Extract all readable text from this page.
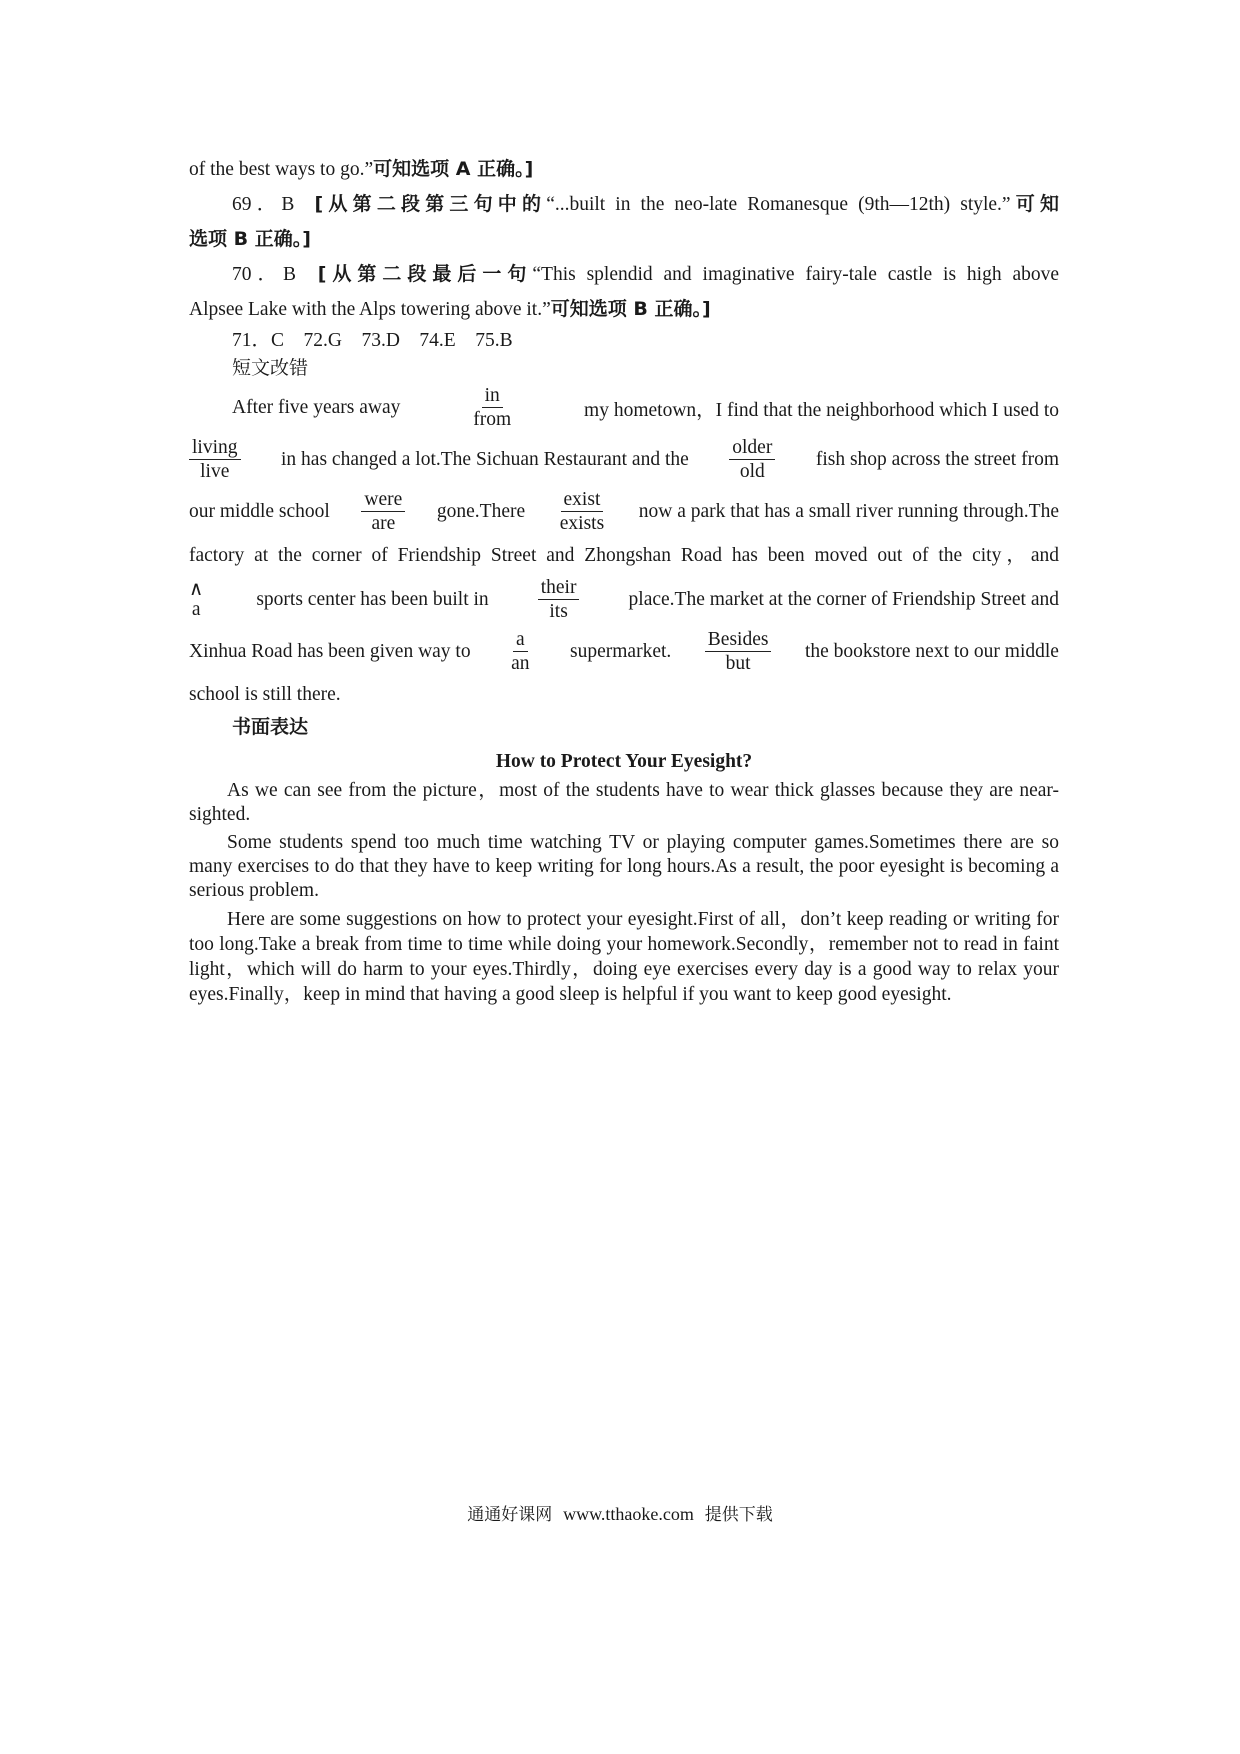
of the best ways to go.”可知选项 A 正确。]
69．B [从第二段第三句中的“...built in the neo-late Romanesque (9th—12th) style.”可知
选项 B 正确。]
70．B [从第二段最后一句“This splendid and imaginative fairy-tale castle is high above
Alpsee Lake with the Alps towering above it.”可知选项 B 正确。]
71．C    72.G    73.D    74.E    75.B
短文改错
After five years away	$\frac{in}{\text{from}}$	my hometown，I find that the neighborhood which I used to
$\frac{\text{living}}{\text{live}}$ in has changed a lot.The Sichuan Restaurant and the $\frac{\text{older}}{\text{old}}$ fish shop across the street from
our middle school $\frac{\text{were}}{\text{are}}$ gone.There $\frac{\text{exist}}{\text{exists}}$ now a park that has a small river running through.The
factory at the corner of Friendship Street and Zhongshan Road has been moved out of the city，and
∧
a	sports center has been built in	$\frac{\text{their}}{\text{its}}$	place.The market at the corner of Friendship Street and
Xinhua Road has been given way to $\frac{a}{an}$ supermarket. $\frac{\text{Besides}}{\text{but}}$ the bookstore next to our middle
school is still there.
书面表达
How to Protect Your Eyesight?

As we can see from the picture，most of the students have to wear thick glasses because they are near-sighted.

Some students spend too much time watching TV or playing computer games.Sometimes there are so many exercises to do that they have to keep writing for long hours.As a result, the poor eyesight is becoming a serious problem.

Here are some suggestions on how to protect your eyesight.First of all，don’t keep reading or writing for too long.Take a break from time to time while doing your homework.Secondly，remember not to read in faint light，which will do harm to your eyes.Thirdly，doing eye exercises every day is a good way to relax your eyes.Finally，keep in mind that having a good sleep is helpful if you want to keep good eyesight.

通通好课网 www.tthaoke.com 提供下载
